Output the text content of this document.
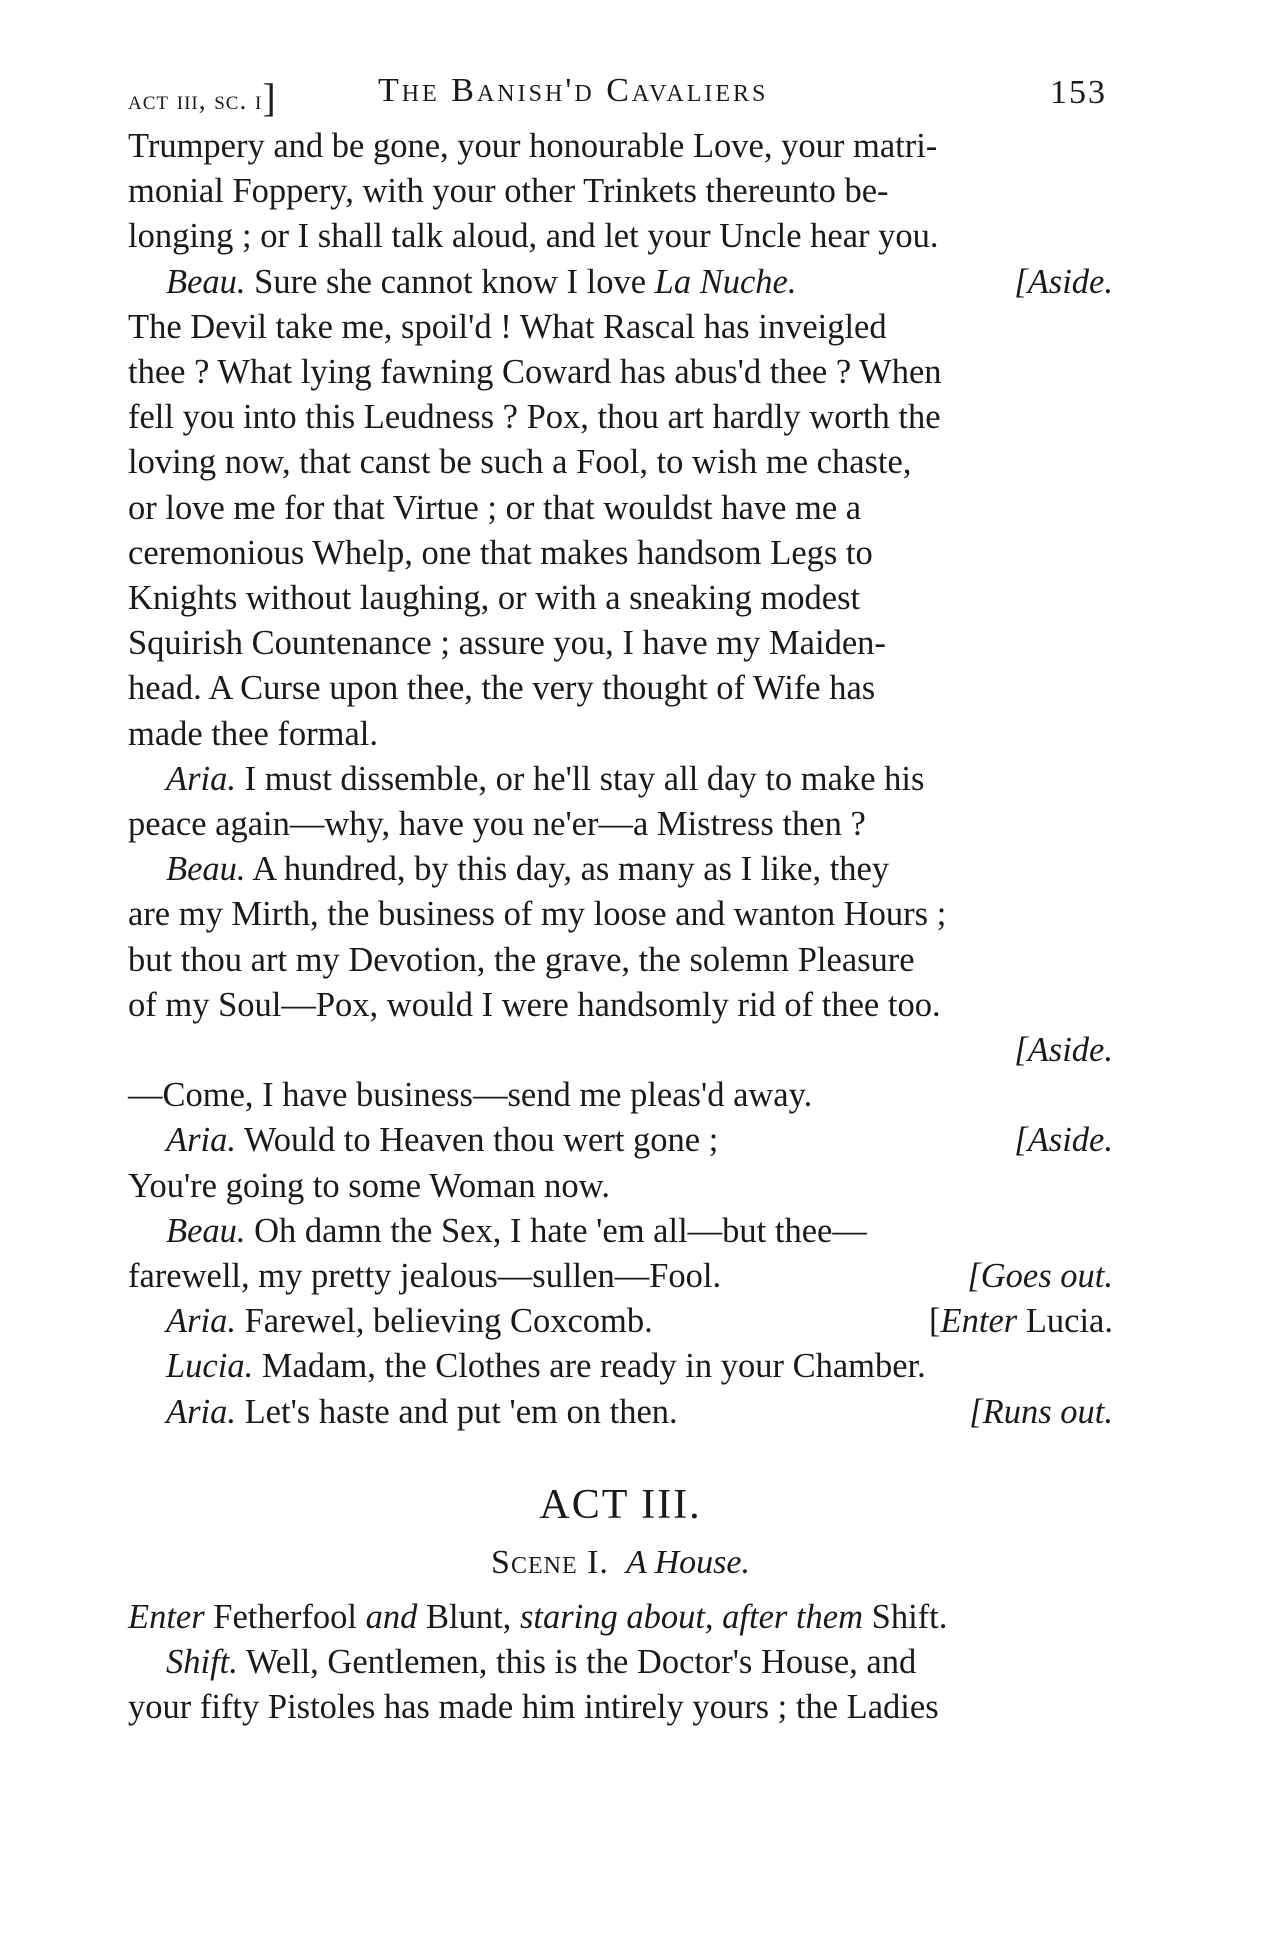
act iii, sc. i]	The Banish'd Cavaliers	153

Trumpery and be gone, your honourable Love, your matri-
monial Foppery, with your other Trinkets thereunto be-
longing ; or I shall talk aloud, and let your Uncle hear you.

Beau. Sure she cannot know I love La Nuche.	[Aside.

The Devil take me, spoil'd ! What Rascal has inveigled
thee ? What lying fawning Coward has abus'd thee ? When
fell you into this Leudness ? Pox, thou art hardly worth the
loving now, that canst be such a Fool, to wish me chaste,
or love me for that Virtue ; or that wouldst have me a
ceremonious Whelp, one that makes handsom Legs to
Knights without laughing, or with a sneaking modest
Squirish Countenance ; assure you, I have my Maiden-
head. A Curse upon thee, the very thought of Wife has
made thee formal.

Aria. I must dissemble, or he'll stay all day to make his

peace again—why, have you ne'er—a Mistress then ?

Beau. A hundred, by this day, as many as I like, they

are my Mirth, the business of my loose and wanton Hours ;
but thou art my Devotion, the grave, the solemn Pleasure
of my Soul—Pox, would I were handsomly rid of thee too.

[Aside.

—Come, I have business—send me pleas'd away.

Aria. Would to Heaven thou wert gone ;	[Aside.

You're going to some Woman now.

Beau. Oh damn the Sex, I hate 'em all—but thee—

farewell, my pretty jealous—sullen—Fool.	[Goes out.
Aria. Farewel, believing Coxcomb.	[Enter Lucia.

Lucia. Madam, the Clothes are ready in your Chamber.

Aria. Let's haste and put 'em on then.	[Runs out.
ACT III.
Scene I. A House.
Enter Fetherfool and Blunt, staring about, after them Shift.

Shift. Well, Gentlemen, this is the Doctor's House, and

your fifty Pistoles has made him intirely yours ; the Ladies
